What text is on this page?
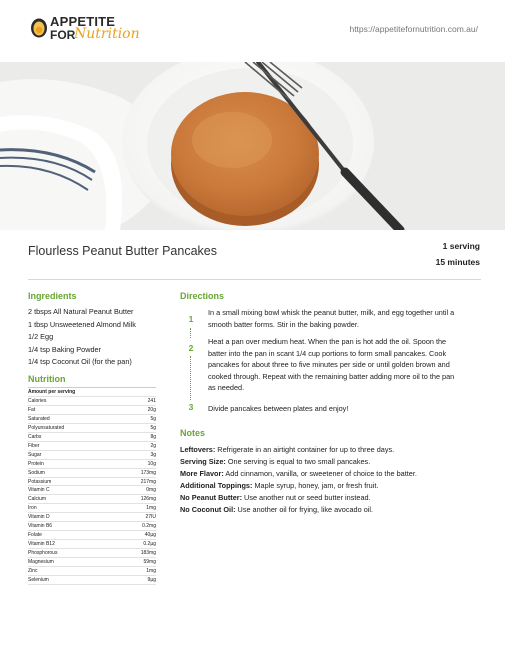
APPETITE
FOR
Nutrition	https://appetitefornutrition.com.au/
Flourless Peanut Butter Pancakes	1 serving
15 minutes
Ingredients
2 tbsps All Natural Peanut Butter
1 tbsp Unsweetened Almond Milk
1/2 Egg
1/4 tsp Baking Powder
1/4 tsp Coconut Oil (for the pan)
Nutrition
Amount per serving
Calories	241
Fat	20g
Saturated	5g
Polyunsaturated	5g
Carbs	8g
Fiber	2g
Sugar	3g
Protein	10g
Sodium	173mg
Potassium	217mg
Vitamin C	0mg
Calcium	126mg
Iron	1mg
Vitamin D	27IU
Vitamin B6	0.2mg
Folate	40µg
Vitamin B12	0.2µg
Phosphorous	183mg
Magnesium	59mg
Zinc	1mg
Selenium	9µg
Directions
1
In a small mixing bowl whisk the peanut butter, milk, and egg together until a smooth batter forms. Stir in the baking powder.
2
Heat a pan over medium heat. When the pan is hot add the oil. Spoon the batter into the pan in scant 1/4 cup portions to form small pancakes. Cook pancakes for about three to five minutes per side or until golden brown and cooked through. Repeat with the remaining batter adding more oil to the pan as needed.
3	Divide pancakes between plates and enjoy!
Notes
Leftovers: Refrigerate in an airtight container for up to three days.
Serving Size: One serving is equal to two small pancakes.
More Flavor: Add cinnamon, vanilla, or sweetener of choice to the batter.
Additional Toppings: Maple syrup, honey, jam, or fresh fruit.
No Peanut Butter: Use another nut or seed butter instead.
No Coconut Oil: Use another oil for frying, like avocado oil.
